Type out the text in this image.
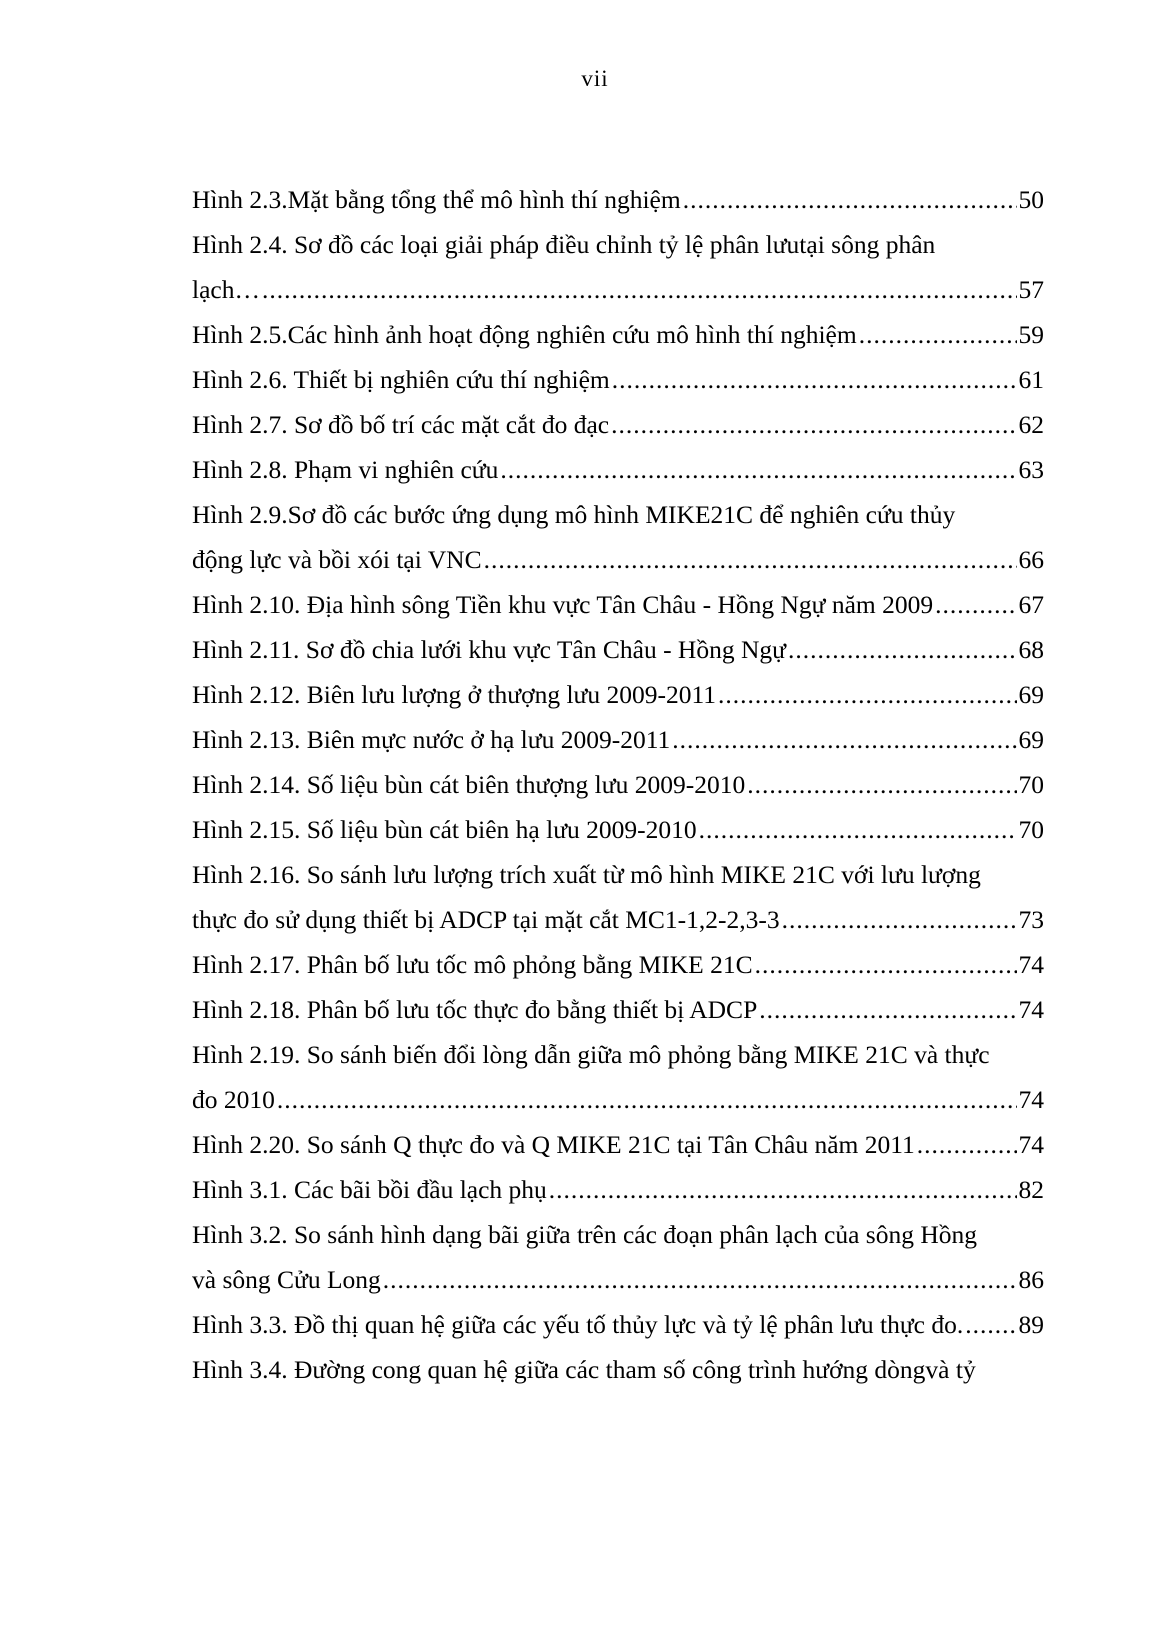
vii
Hình 2.3.Mặt bằng tổng thể mô hình thí nghiệm .....	50
Hình 2.4. Sơ đồ các loại giải pháp điều chỉnh tỷ lệ phân lưutại sông phân
lạch… .....	57
Hình 2.5.Các hình ảnh hoạt động nghiên cứu mô hình thí nghiệm .....	59
Hình 2.6. Thiết bị nghiên cứu thí nghiệm .....	61
Hình 2.7. Sơ đồ bố trí các mặt cắt đo đạc .....	62
Hình 2.8. Phạm vi nghiên cứu .....	63
Hình 2.9.Sơ đồ các bước ứng dụng mô hình MIKE21C để nghiên cứu thủy
động lực và bồi xói tại VNC .....	66
Hình 2.10. Địa hình sông Tiền khu vực Tân Châu - Hồng Ngự năm 2009 .....	67
Hình 2.11. Sơ đồ chia lưới khu vực Tân Châu - Hồng Ngự .....	68
Hình 2.12. Biên lưu lượng ở thượng lưu 2009-2011 .....	69
Hình 2.13. Biên mực nước ở hạ lưu 2009-2011 .....	69
Hình 2.14. Số liệu bùn cát biên thượng lưu 2009-2010 .....	70
Hình 2.15. Số liệu bùn cát biên hạ lưu 2009-2010 .....	70
Hình 2.16. So sánh lưu lượng trích xuất từ mô hình MIKE 21C với lưu lượng
thực đo sử dụng thiết bị ADCP tại mặt cắt MC1-1,2-2,3-3 .....	73
Hình 2.17. Phân bố lưu tốc mô phỏng bằng MIKE 21C .....	74
Hình 2.18. Phân bố lưu tốc thực đo bằng thiết bị ADCP .....	74
Hình 2.19. So sánh biến đổi lòng dẫn giữa mô phỏng bằng MIKE 21C và thực
đo 2010 .....	74
Hình 2.20. So sánh Q thực đo và Q MIKE 21C tại Tân Châu năm 2011 .....	74
Hình 3.1. Các bãi bồi đầu lạch phụ .....	82
Hình 3.2. So sánh hình dạng bãi giữa trên các đoạn phân lạch của sông Hồng
và sông Cửu Long .....	86
Hình 3.3. Đồ thị quan hệ giữa các yếu tố thủy lực và tỷ lệ phân lưu thực đo. ..... 89
Hình 3.4. Đường cong quan hệ giữa các tham số công trình hướng dòngvà tỷ
